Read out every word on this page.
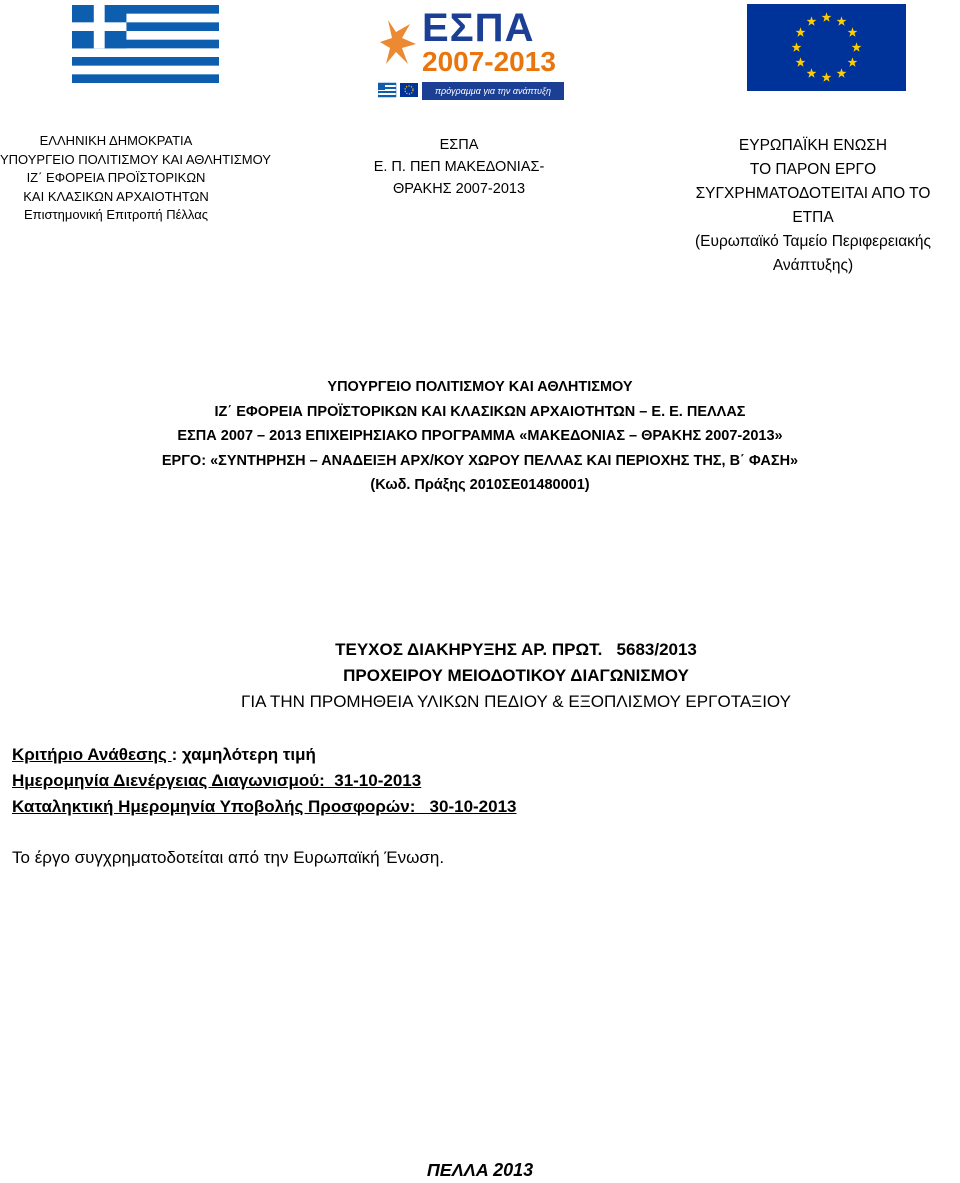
ΕΣΠΑ
2007-2013
πρόγραμμα για την ανάπτυξη
ΕΛΛΗΝΙΚΗ ΔΗΜΟΚΡΑΤΙΑ
ΥΠΟΥΡΓΕΙΟ ΠΟΛΙΤΙΣΜΟΥ ΚΑΙ ΑΘΛΗΤΙΣΜΟΥ
ΙΖ΄ ΕΦΟΡΕΙΑ ΠΡΟΪΣΤΟΡΙΚΩΝ
ΚΑΙ ΚΛΑΣΙΚΩΝ ΑΡΧΑΙΟΤΗΤΩΝ
Επιστημονική Επιτροπή Πέλλας
ΕΣΠΑ
Ε. Π. ΠΕΠ ΜΑΚΕΔΟΝΙΑΣ-
ΘΡΑΚΗΣ 2007-2013
ΕΥΡΩΠΑΪΚΗ ΕΝΩΣΗ
ΤΟ ΠΑΡΟΝ ΕΡΓΟ
ΣΥΓΧΡΗΜΑΤΟΔΟΤΕΙΤΑΙ ΑΠΟ ΤΟ
ΕΤΠΑ
(Ευρωπαϊκό Ταμείο Περιφερειακής
Ανάπτυξης)
ΥΠΟΥΡΓΕΙΟ ΠΟΛΙΤΙΣΜΟΥ ΚΑΙ ΑΘΛΗΤΙΣΜΟΥ
ΙΖ΄ ΕΦΟΡΕΙΑ ΠΡΟΪΣΤΟΡΙΚΩΝ ΚΑΙ ΚΛΑΣΙΚΩΝ ΑΡΧΑΙΟΤΗΤΩΝ – Ε. Ε. ΠΕΛΛΑΣ
ΕΣΠΑ 2007 – 2013 ΕΠΙΧΕΙΡΗΣΙΑΚΟ ΠΡΟΓΡΑΜΜΑ «ΜΑΚΕΔΟΝΙΑΣ – ΘΡΑΚΗΣ 2007-2013»
ΕΡΓΟ: «ΣΥΝΤΗΡΗΣΗ – ΑΝΑΔΕΙΞΗ ΑΡΧ/ΚΟΥ ΧΩΡΟΥ ΠΕΛΛΑΣ ΚΑΙ ΠΕΡΙΟΧΗΣ ΤΗΣ, Β΄ ΦΑΣΗ»
(Κωδ. Πράξης 2010ΣΕ01480001)
ΤΕΥΧΟΣ ΔΙΑΚΗΡΥΞΗΣ ΑΡ. ΠΡΩΤ.   5683/2013
ΠΡΟΧΕΙΡΟΥ ΜΕΙΟΔΟΤΙΚΟΥ ΔΙΑΓΩΝΙΣΜΟΥ
ΓΙΑ ΤΗΝ ΠΡΟΜΗΘΕΙΑ ΥΛΙΚΩΝ ΠΕΔΙΟΥ & ΕΞΟΠΛΙΣΜΟΥ ΕΡΓΟΤΑΞΙΟΥ
Κριτήριο Ανάθεσης : χαμηλότερη τιμή
Ημερομηνία Διενέργειας Διαγωνισμού:  31-10-2013
Καταληκτική Ημερομηνία Υποβολής Προσφορών:   30-10-2013
Το έργο συγχρηματοδοτείται από την Ευρωπαϊκή Ένωση.
ΠΕΛΛΑ 2013
